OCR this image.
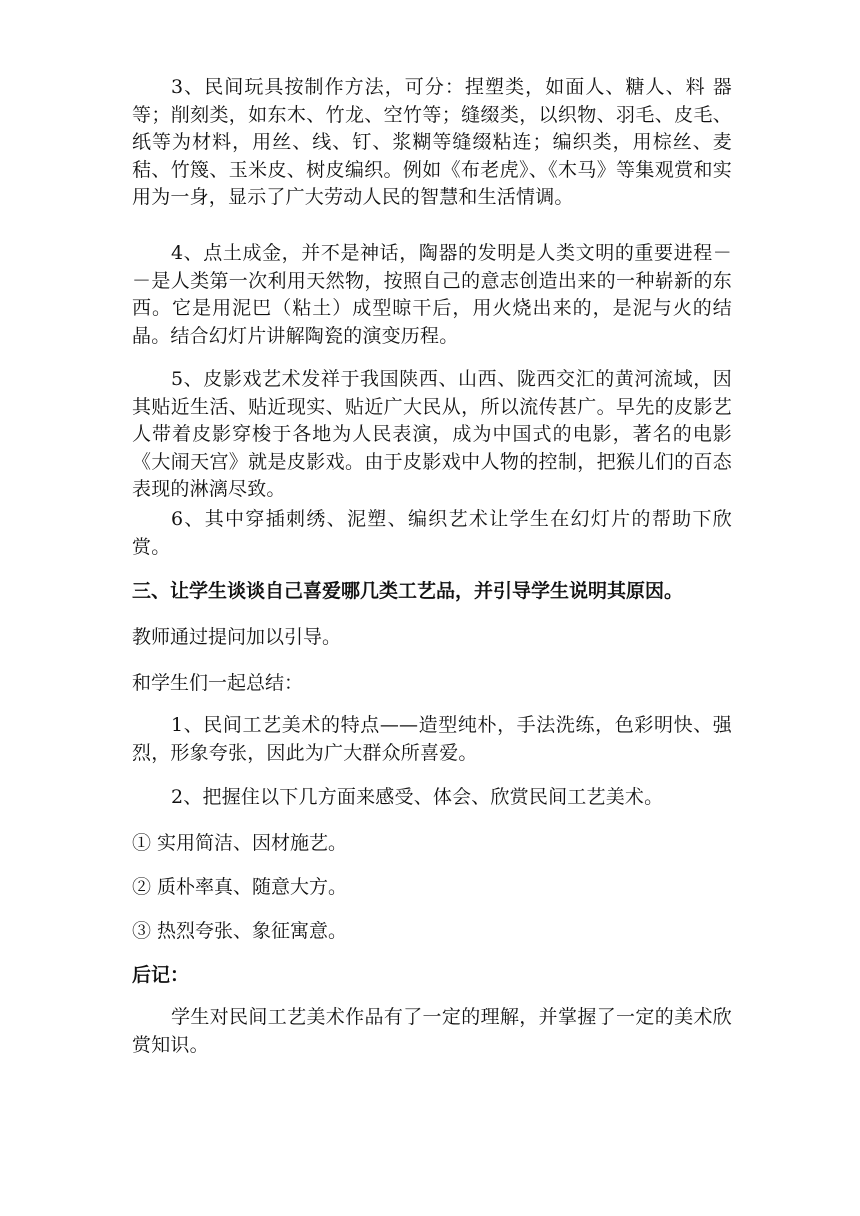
3、民间玩具按制作方法，可分：捏塑类，如面人、糖人、料 器等；削刻类，如东木、竹龙、空竹等；缝缀类，以织物、羽毛、皮毛、纸等为材料，用丝、线、钉、浆糊等缝缀粘连；编织类，用棕丝、麦秸、竹篾、玉米皮、树皮编织。例如《布老虎》、《木马》等集观赏和实用为一身，显示了广大劳动人民的智慧和生活情调。

4、点土成金，并不是神话，陶器的发明是人类文明的重要进程－－是人类第一次利用天然物，按照自己的意志创造出来的一种崭新的东西。它是用泥巴（粘土）成型晾干后，用火烧出来的，是泥与火的结晶。结合幻灯片讲解陶瓷的演变历程。

5、皮影戏艺术发祥于我国陕西、山西、陇西交汇的黄河流域，因其贴近生活、贴近现实、贴近广大民从，所以流传甚广。早先的皮影艺人带着皮影穿梭于各地为人民表演，成为中国式的电影，著名的电影《大闹天宫》就是皮影戏。由于皮影戏中人物的控制，把猴儿们的百态表现的淋漓尽致。

6、其中穿插刺绣、泥塑、编织艺术让学生在幻灯片的帮助下欣赏。

三、让学生谈谈自己喜爱哪几类工艺品，并引导学生说明其原因。

教师通过提问加以引导。

和学生们一起总结：

1、民间工艺美术的特点——造型纯朴，手法洗练，色彩明快、强烈，形象夸张，因此为广大群众所喜爱。

2、把握住以下几方面来感受、体会、欣赏民间工艺美术。

① 实用简洁、因材施艺。

② 质朴率真、随意大方。

③ 热烈夸张、象征寓意。

后记：

学生对民间工艺美术作品有了一定的理解，并掌握了一定的美术欣赏知识。
